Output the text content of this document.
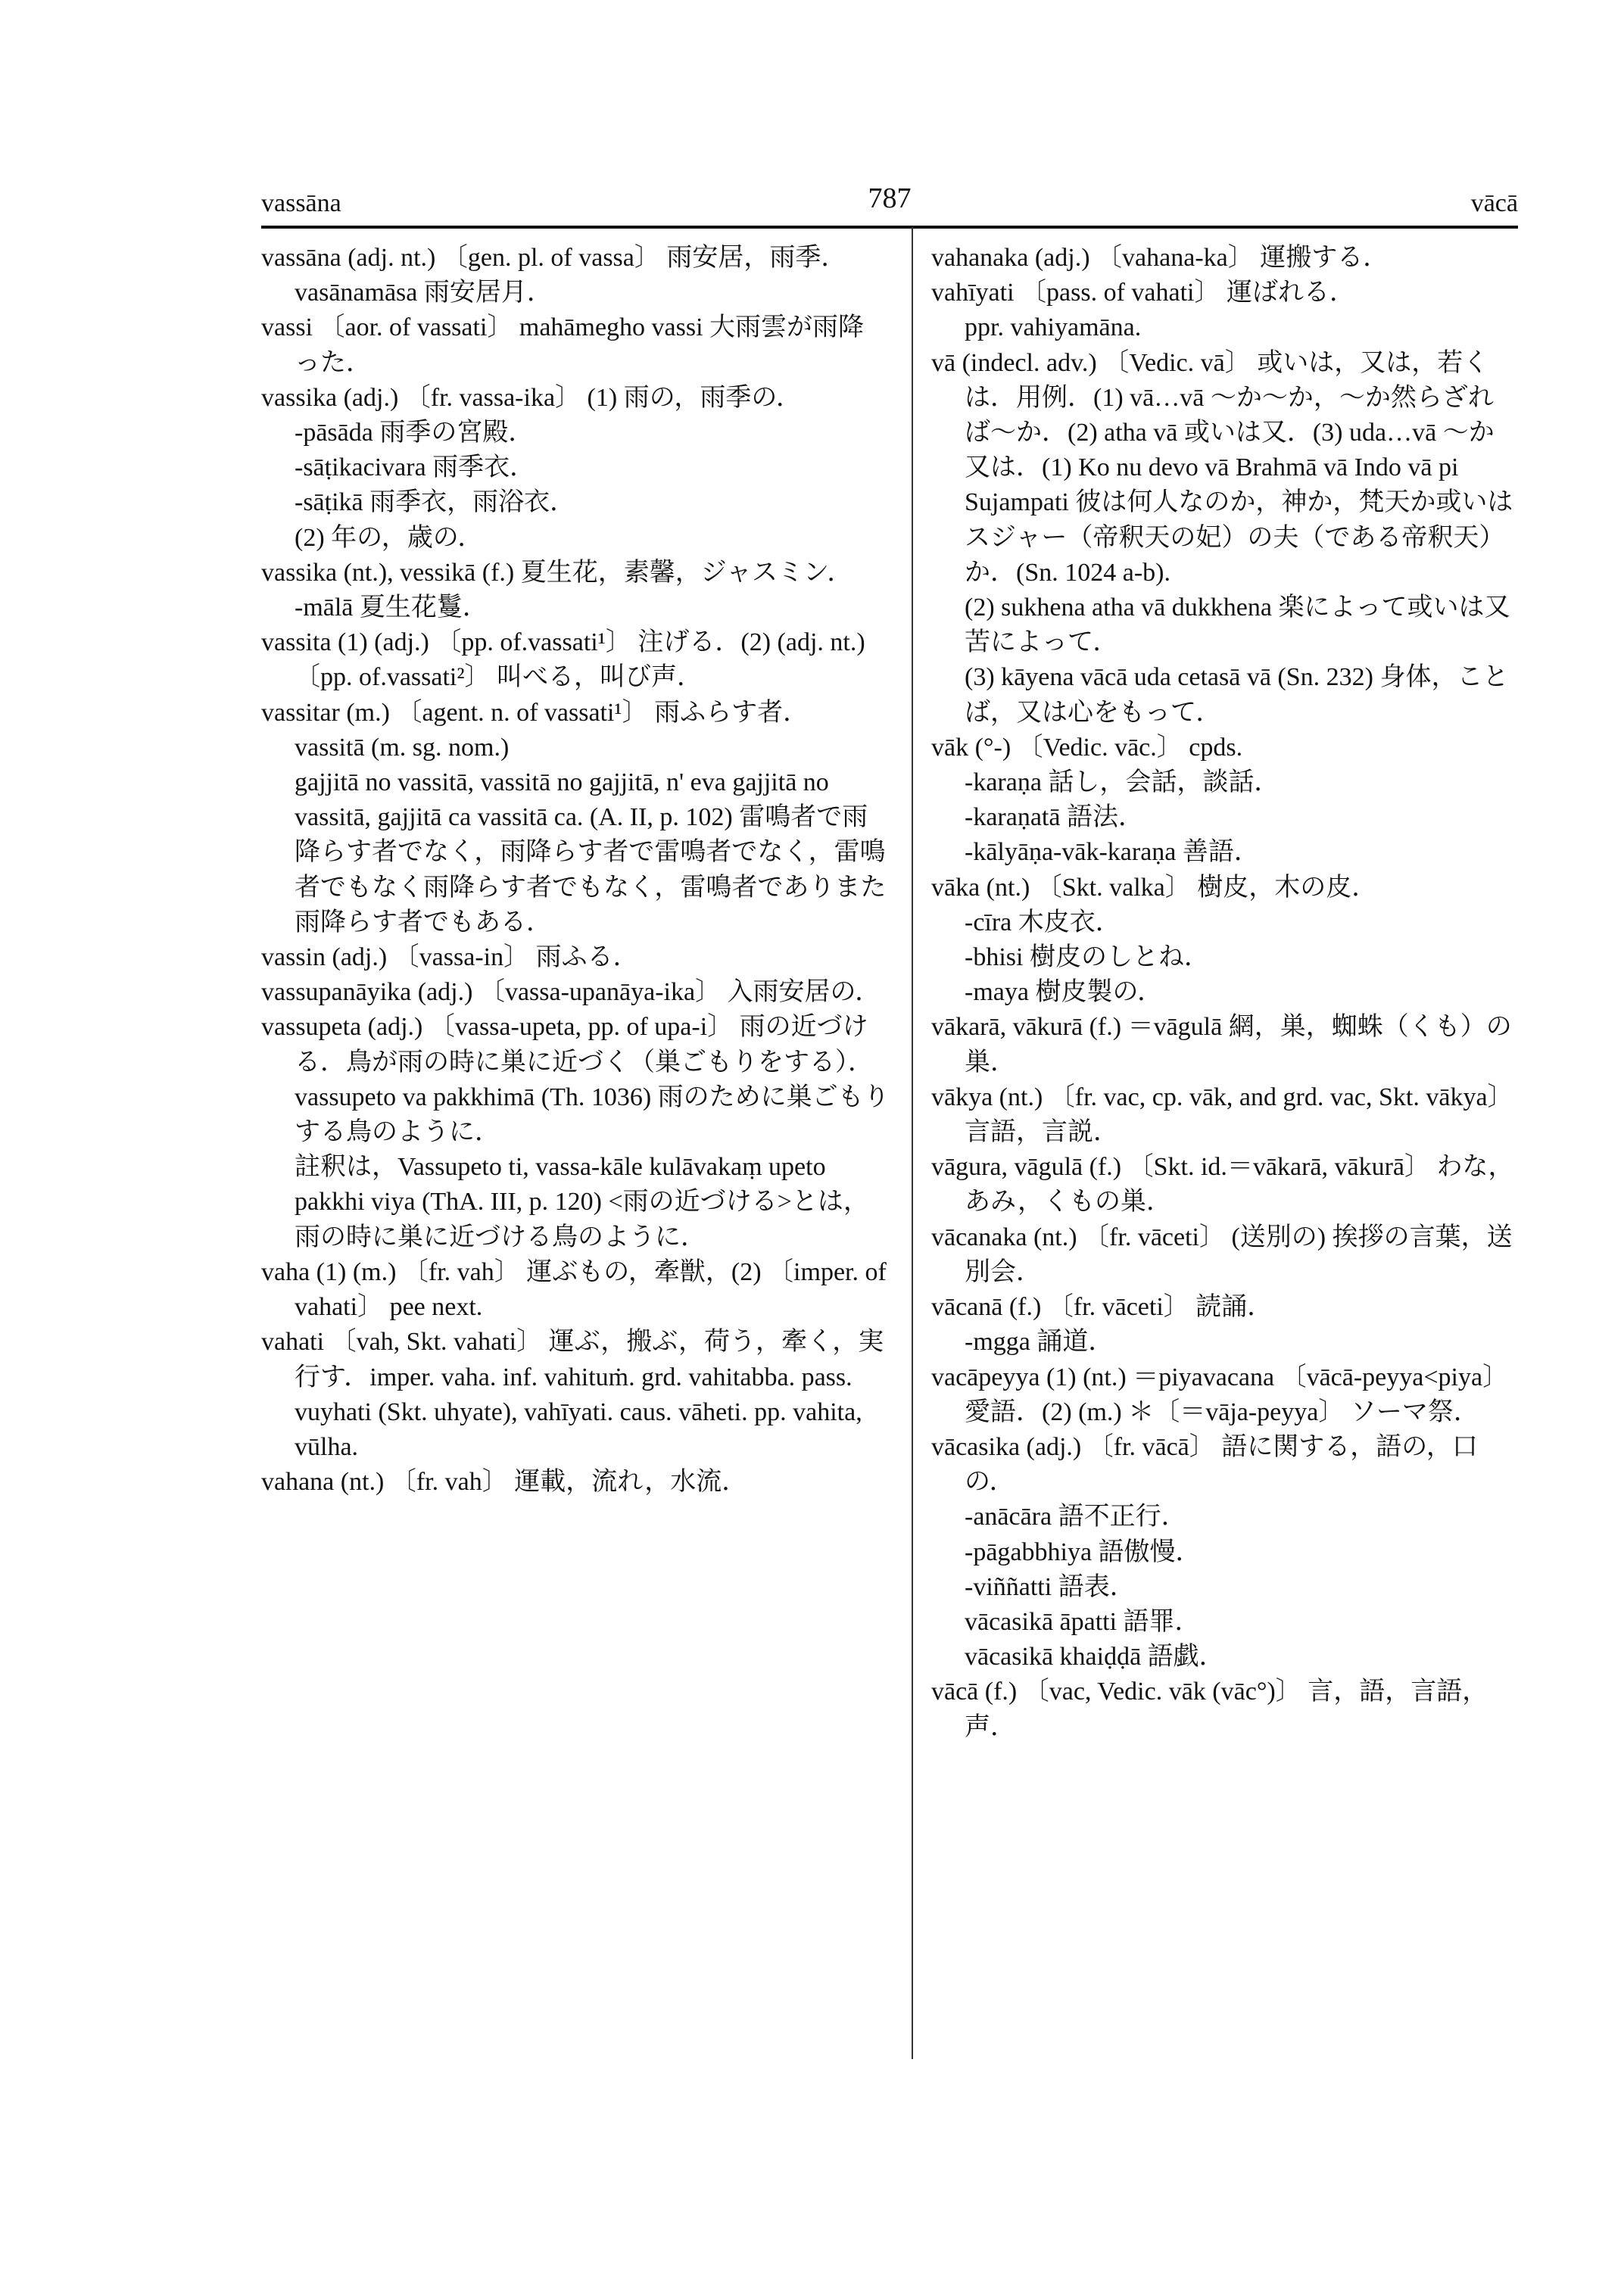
vassāna	787	vācā

vassāna (adj. nt.) 〔gen. pl. of vassa〕 雨安居，雨季．vasānamāsa 雨安居月．

vassi 〔aor. of vassati〕 mahāmegho vassi 大雨雲が雨降った．

vassika (adj.) 〔fr. vassa-ika〕 (1) 雨の，雨季の．

-pāsāda 雨季の宮殿．

-sāṭikacivara 雨季衣．

-sāṭikā 雨季衣，雨浴衣．

(2) 年の，歳の．

vassika (nt.), vessikā (f.) 夏生花，素馨，ジャスミン．

-mālā 夏生花鬘．

vassita (1) (adj.) 〔pp. of.vassati¹〕 注げる．(2) (adj. nt.) 〔pp. of.vassati²〕 叫べる，叫び声．

vassitar (m.) 〔agent. n. of vassati¹〕 雨ふらす者．

vassitā (m. sg. nom.)

gajjitā no vassitā, vassitā no gajjitā, n' eva gajjitā no vassitā, gajjitā ca vassitā ca. (A. II, p. 102) 雷鳴者で雨降らす者でなく，雨降らす者で雷鳴者でなく，雷鳴者でもなく雨降らす者でもなく，雷鳴者でありまた雨降らす者でもある．

vassin (adj.) 〔vassa-in〕 雨ふる．

vassupanāyika (adj.) 〔vassa-upanāya-ika〕 入雨安居の．

vassupeta (adj.) 〔vassa-upeta, pp. of upa-i〕 雨の近づける．鳥が雨の時に巣に近づく（巣ごもりをする）．

vassupeto va pakkhimā (Th. 1036) 雨のために巣ごもりする鳥のように．

註釈は，Vassupeto ti, vassa-kāle kulāvakaṃ upeto pakkhi viya (ThA. III, p. 120) <雨の近づける>とは，雨の時に巣に近づける鳥のように．

vaha (1) (m.) 〔fr. vah〕 運ぶもの，牽獣，(2) 〔imper. of vahati〕 pee next.

vahati 〔vah, Skt. vahati〕 運ぶ，搬ぶ，荷う，牽く，実行す．imper. vaha. inf. vahituṁ. grd. vahitabba. pass. vuyhati (Skt. uhyate), vahīyati. caus. vāheti. pp. vahita, vūlha.

vahana (nt.) 〔fr. vah〕 運載，流れ，水流．

vahanaka (adj.) 〔vahana-ka〕 運搬する．

vahīyati 〔pass. of vahati〕 運ばれる．

ppr. vahiyamāna.

vā (indecl. adv.) 〔Vedic. vā〕 或いは，又は，若くは．用例．(1) vā…vā ～か～か，～か然らざれば～か．(2) atha vā 或いは又．(3) uda…vā ～か又は．(1) Ko nu devo vā Brahmā vā Indo vā pi Sujampati 彼は何人なのか，神か，梵天か或いはスジャー（帝釈天の妃）の夫（である帝釈天）か．(Sn. 1024 a-b).

(2) sukhena atha vā dukkhena 楽によって或いは又苦によって．

(3) kāyena vācā uda cetasā vā (Sn. 232) 身体，ことば，又は心をもって．

vāk (°-) 〔Vedic. vāc.〕 cpds.

-karaṇa 話し，会話，談話．

-karaṇatā 語法．

-kālyāṇa-vāk-karaṇa 善語．

vāka (nt.) 〔Skt. valka〕 樹皮，木の皮．

-cīra 木皮衣．

-bhisi 樹皮のしとね．

-maya 樹皮製の．

vākarā, vākurā (f.) ＝vāgulā 網，巣，蜘蛛（くも）の巣．

vākya (nt.) 〔fr. vac, cp. vāk, and grd. vac, Skt. vākya〕 言語，言説．

vāgura, vāgulā (f.) 〔Skt. id.＝vākarā, vākurā〕 わな，あみ，くもの巣．

vācanaka (nt.) 〔fr. vāceti〕 (送別の) 挨拶の言葉，送別会．

vācanā (f.) 〔fr. vāceti〕 読誦．

-mgga 誦道．

vacāpeyya (1) (nt.) ＝piyavacana 〔vācā-peyya<piya〕 愛語．(2) (m.) ＊〔＝vāja-peyya〕 ソーマ祭．

vācasika (adj.) 〔fr. vācā〕 語に関する，語の，口の．

-anācāra 語不正行．

-pāgabbhiya 語傲慢．

-viññatti 語表．

vācasikā āpatti 語罪．

vācasikā khaiḍḍā 語戯．

vācā (f.) 〔vac, Vedic. vāk (vāc°)〕 言，語，言語，声．
